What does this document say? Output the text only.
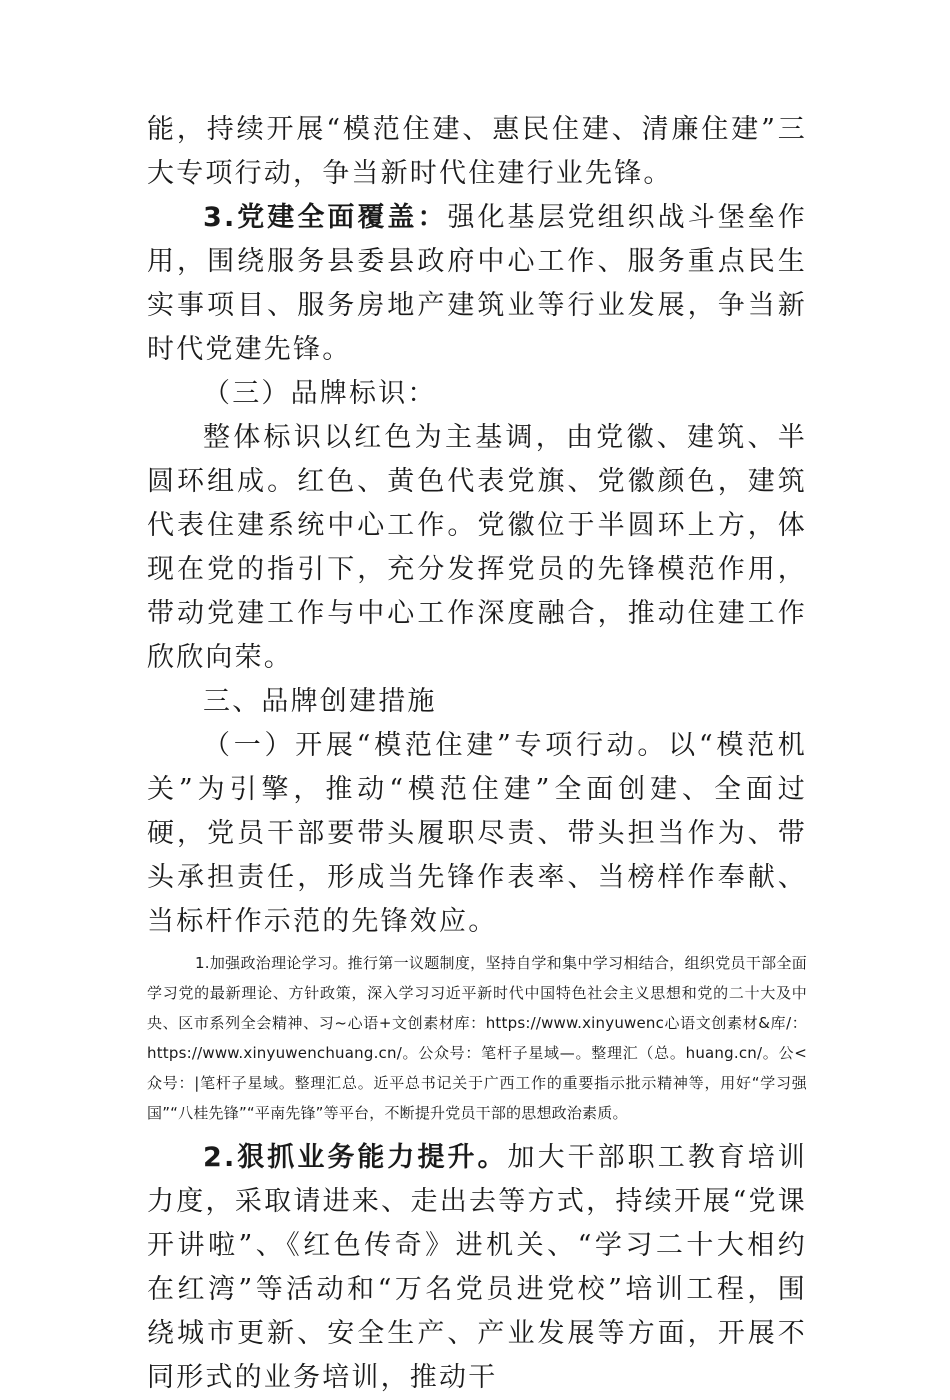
能，持续开展“模范住建、惠民住建、清廉住建”三大专项行动，争当新时代住建行业先锋。

3.党建全面覆盖：强化基层党组织战斗堡垒作用，围绕服务县委县政府中心工作、服务重点民生实事项目、服务房地产建筑业等行业发展，争当新时代党建先锋。

（三）品牌标识：

整体标识以红色为主基调，由党徽、建筑、半圆环组成。红色、黄色代表党旗、党徽颜色，建筑代表住建系统中心工作。党徽位于半圆环上方，体现在党的指引下，充分发挥党员的先锋模范作用，带动党建工作与中心工作深度融合，推动住建工作欣欣向荣。

三、品牌创建措施

（一）开展“模范住建”专项行动。以“模范机关”为引擎，推动“模范住建”全面创建、全面过硬，党员干部要带头履职尽责、带头担当作为、带头承担责任，形成当先锋作表率、当榜样作奉献、当标杆作示范的先锋效应。

1.加强政治理论学习。推行第一议题制度，坚持自学和集中学习相结合，组织党员干部全面学习党的最新理论、方针政策，深入学习习近平新时代中国特色社会主义思想和党的二十大及中央、区市系列全会精神、习~心语+文创素材库：https://www.xinyuwenc心语文创素材&库/：https://www.xinyuwenchuang.cn/。公众号：笔杆子星域—。整理汇（总。huang.cn/。公<众号：|笔杆子星域。整理汇总。近平总书记关于广西工作的重要指示批示精神等，用好“学习强国”“八桂先锋”“平南先锋”等平台，不断提升党员干部的思想政治素质。

2.狠抓业务能力提升。加大干部职工教育培训力度，采取请进来、走出去等方式，持续开展“党课开讲啦”、《红色传奇》进机关、“学习二十大相约在红湾”等活动和“万名党员进党校”培训工程，围绕城市更新、安全生产、产业发展等方面，开展不同形式的业务培训，推动干
